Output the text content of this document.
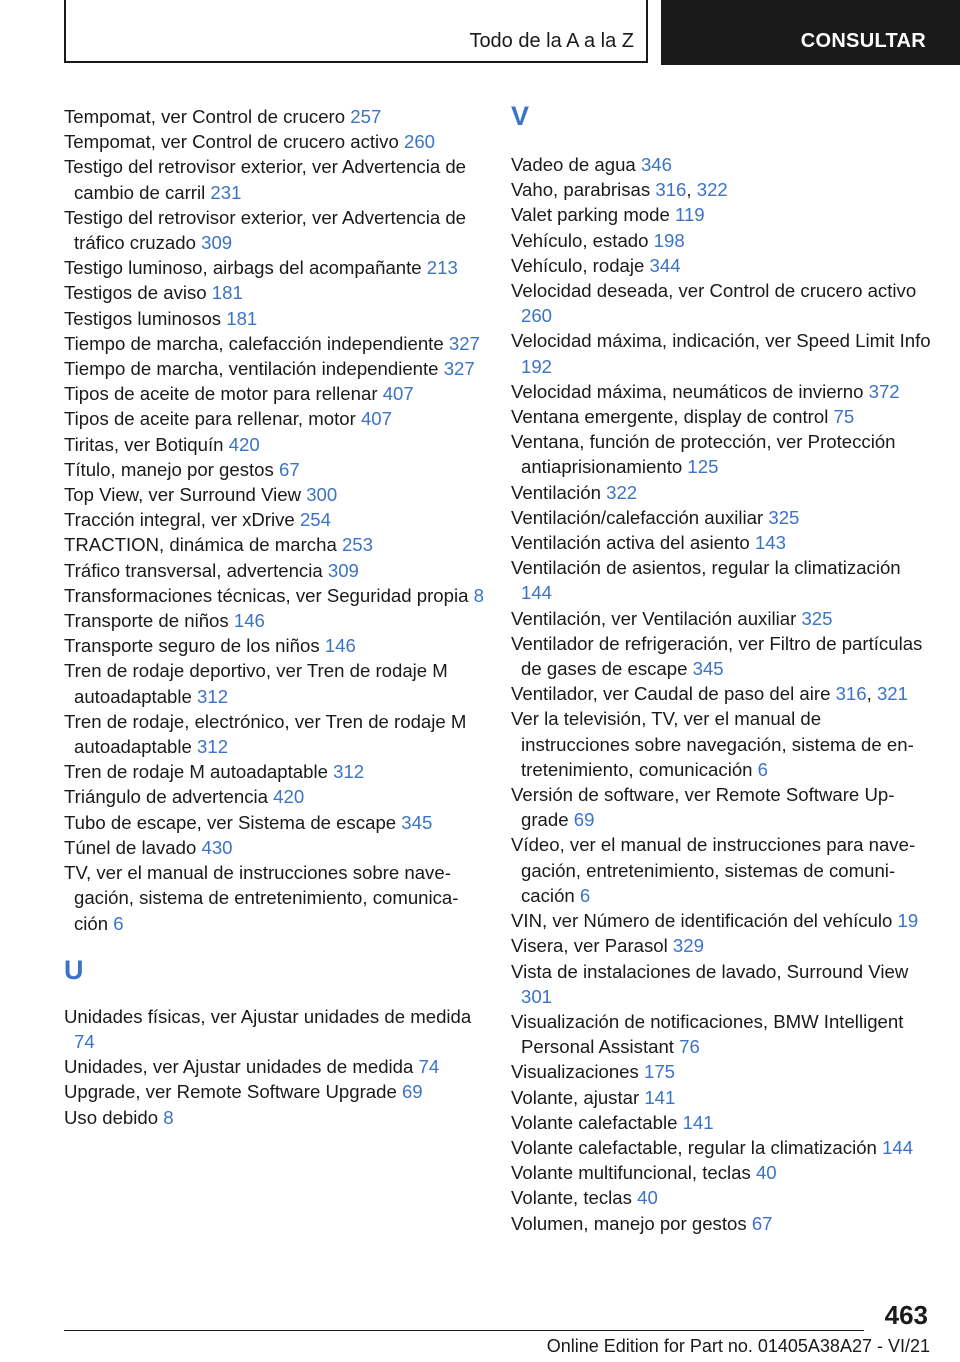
Todo de la A a la Z	CONSULTAR

Tempomat, ver Control de crucero 257

Tempomat, ver Control de crucero activo 260

Testigo del retrovisor exterior, ver Advertencia de cambio de carril 231

Testigo del retrovisor exterior, ver Advertencia de tráfico cruzado 309

Testigo luminoso, airbags del acompañante 213

Testigos de aviso 181

Testigos luminosos 181

Tiempo de marcha, calefacción independiente 327

Tiempo de marcha, ventilación independiente 327

Tipos de aceite de motor para rellenar 407

Tipos de aceite para rellenar, motor 407

Tiritas, ver Botiquín 420

Título, manejo por gestos 67

Top View, ver Surround View 300

Tracción integral, ver xDrive 254

TRACTION, dinámica de marcha 253

Tráfico transversal, advertencia 309

Transformaciones técnicas, ver Seguridad propia 8

Transporte de niños 146

Transporte seguro de los niños 146

Tren de rodaje deportivo, ver Tren de rodaje M autoadaptable 312

Tren de rodaje, electrónico, ver Tren de rodaje M autoadaptable 312

Tren de rodaje M autoadaptable 312

Triángulo de advertencia 420

Tubo de escape, ver Sistema de escape 345

Túnel de lavado 430

TV, ver el manual de instrucciones sobre navegación, sistema de entretenimiento, comunicación 6

U

Unidades físicas, ver Ajustar unidades de medida 74

Unidades, ver Ajustar unidades de medida 74

Upgrade, ver Remote Software Upgrade 69

Uso debido 8

V

Vadeo de agua 346

Vaho, parabrisas 316, 322

Valet parking mode 119

Vehículo, estado 198

Vehículo, rodaje 344

Velocidad deseada, ver Control de crucero activo 260

Velocidad máxima, indicación, ver Speed Limit Info 192

Velocidad máxima, neumáticos de invierno 372

Ventana emergente, display de control 75

Ventana, función de protección, ver Protección antiaprisionamiento 125

Ventilación 322

Ventilación/calefacción auxiliar 325

Ventilación activa del asiento 143

Ventilación de asientos, regular la climatización 144

Ventilación, ver Ventilación auxiliar 325

Ventilador de refrigeración, ver Filtro de partículas de gases de escape 345

Ventilador, ver Caudal de paso del aire 316, 321

Ver la televisión, TV, ver el manual de instrucciones sobre navegación, sistema de entretenimiento, comunicación 6

Versión de software, ver Remote Software Upgrade 69

Vídeo, ver el manual de instrucciones para navegación, entretenimiento, sistemas de comunicación 6

VIN, ver Número de identificación del vehículo 19

Visera, ver Parasol 329

Vista de instalaciones de lavado, Surround View 301

Visualización de notificaciones, BMW Intelligent Personal Assistant 76

Visualizaciones 175

Volante, ajustar 141

Volante calefactable 141

Volante calefactable, regular la climatización 144

Volante multifuncional, teclas 40

Volante, teclas 40

Volumen, manejo por gestos 67

463
Online Edition for Part no. 01405A38A27 - VI/21
